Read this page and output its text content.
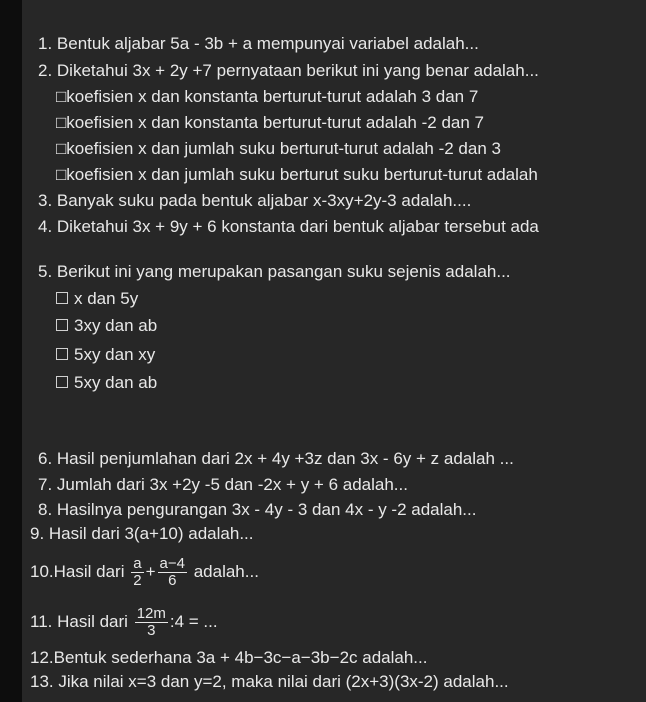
1. Bentuk aljabar 5a - 3b + a mempunyai variabel adalah...
2. Diketahui 3x + 2y +7 pernyataan berikut ini yang benar adalah...
□koefisien x dan konstanta berturut-turut adalah 3 dan 7
□koefisien x dan konstanta berturut-turut adalah -2 dan 7
□koefisien x dan jumlah suku berturut-turut adalah -2 dan 3
□koefisien x dan jumlah suku berturut suku berturut-turut adalah
3. Banyak suku pada bentuk aljabar x-3xy+2y-3 adalah....
4. Diketahui 3x + 9y + 6 konstanta dari bentuk aljabar tersebut ada
5. Berikut ini yang merupakan pasangan suku sejenis adalah...
x dan 5y
3xy dan ab
5xy dan xy
5xy dan ab
6. Hasil penjumlahan dari 2x + 4y +3z dan 3x - 6y + z adalah ...
7. Jumlah dari 3x +2y -5 dan -2x + y + 6 adalah...
8. Hasilnya pengurangan 3x - 4y - 3 dan 4x - y -2 adalah...
9. Hasil dari 3(a+10) adalah...
10.Hasil dari $\frac{a}{2} + \frac{a-4}{6}$ adalah...
11. Hasil dari $\frac{12m}{3}$ :4 = ...
12.Bentuk sederhana 3a + 4b−3c−a−3b−2c adalah...
13. Jika nilai x=3 dan y=2, maka nilai dari (2x+3)(3x-2) adalah...
